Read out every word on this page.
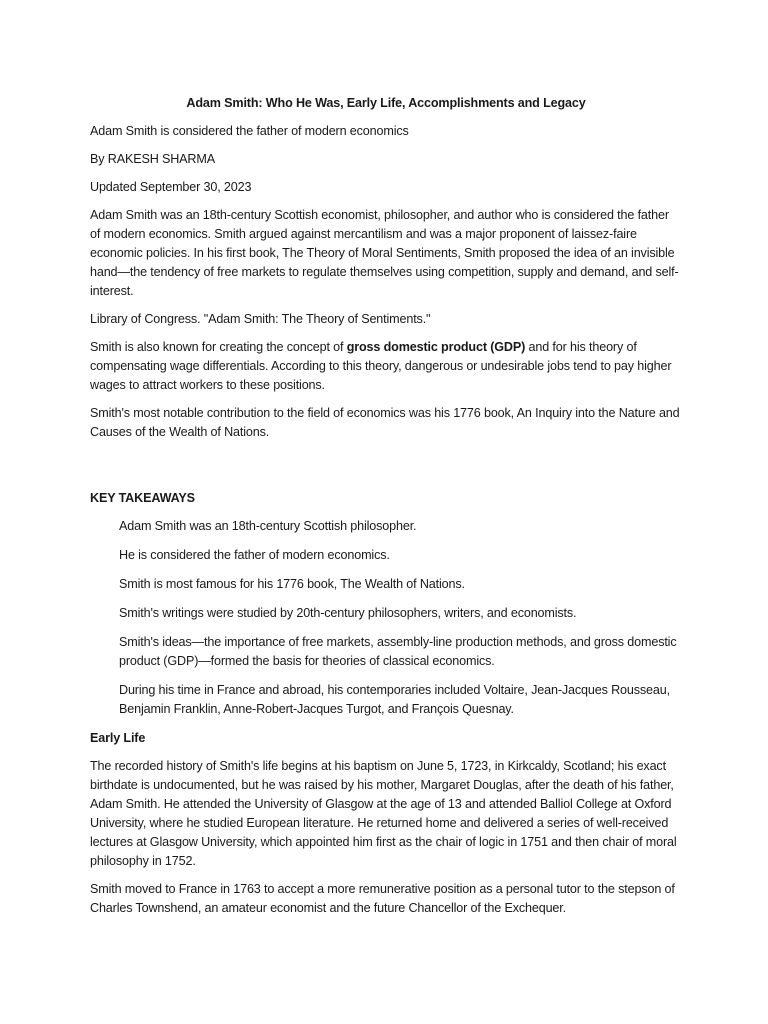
Adam Smith: Who He Was, Early Life, Accomplishments and Legacy

Adam Smith is considered the father of modern economics

By RAKESH SHARMA

Updated September 30, 2023

Adam Smith was an 18th-century Scottish economist, philosopher, and author who is considered the father of modern economics. Smith argued against mercantilism and was a major proponent of laissez-faire economic policies. In his first book, The Theory of Moral Sentiments, Smith proposed the idea of an invisible hand—the tendency of free markets to regulate themselves using competition, supply and demand, and self-interest.

Library of Congress. "Adam Smith: The Theory of Sentiments."

Smith is also known for creating the concept of gross domestic product (GDP) and for his theory of compensating wage differentials. According to this theory, dangerous or undesirable jobs tend to pay higher wages to attract workers to these positions.

Smith's most notable contribution to the field of economics was his 1776 book, An Inquiry into the Nature and Causes of the Wealth of Nations.

KEY TAKEAWAYS
Adam Smith was an 18th-century Scottish philosopher.
He is considered the father of modern economics.
Smith is most famous for his 1776 book, The Wealth of Nations.
Smith's writings were studied by 20th-century philosophers, writers, and economists.
Smith's ideas—the importance of free markets, assembly-line production methods, and gross domestic product (GDP)—formed the basis for theories of classical economics.
During his time in France and abroad, his contemporaries included Voltaire, Jean-Jacques Rousseau, Benjamin Franklin, Anne-Robert-Jacques Turgot, and François Quesnay.
Early Life

The recorded history of Smith's life begins at his baptism on June 5, 1723, in Kirkcaldy, Scotland; his exact birthdate is undocumented, but he was raised by his mother, Margaret Douglas, after the death of his father, Adam Smith. He attended the University of Glasgow at the age of 13 and attended Balliol College at Oxford University, where he studied European literature. He returned home and delivered a series of well-received lectures at Glasgow University, which appointed him first as the chair of logic in 1751 and then chair of moral philosophy in 1752.

Smith moved to France in 1763 to accept a more remunerative position as a personal tutor to the stepson of Charles Townshend, an amateur economist and the future Chancellor of the Exchequer.
